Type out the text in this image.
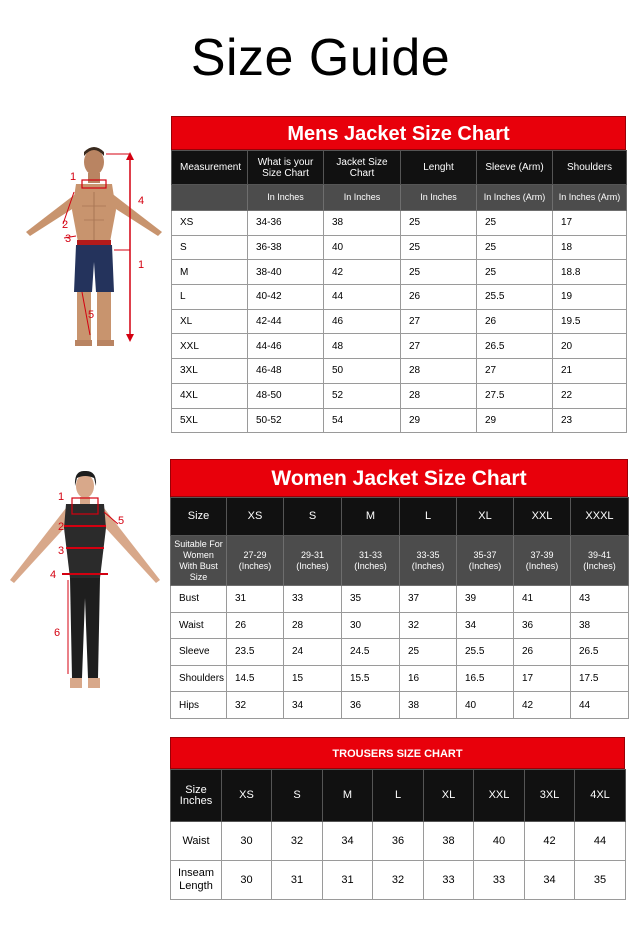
Size Guide
1
2
3
4
1
5
Mens Jacket Size Chart
Measurement	What is your Size Chart	Jacket Size Chart	Lenght	Sleeve (Arm)	Shoulders
	In Inches	In Inches	In Inches	In Inches (Arm)	In Inches (Arm)
XS	34-36	38	25	25	17
S	36-38	40	25	25	18
M	38-40	42	25	25	18.8
L	40-42	44	26	25.5	19
XL	42-44	46	27	26	19.5
XXL	44-46	48	27	26.5	20
3XL	46-48	50	28	27	21
4XL	48-50	52	28	27.5	22
5XL	50-52	54	29	29	23
1
2
3
4
5
6
Women Jacket Size Chart
Size	XS	S	M	L	XL	XXL	XXXL
Suitable For Women With Bust Size	27-29 (Inches)	29-31 (Inches)	31-33 (Inches)	33-35 (Inches)	35-37 (Inches)	37-39 (Inches)	39-41 (Inches)
Bust	31	33	35	37	39	41	43
Waist	26	28	30	32	34	36	38
Sleeve	23.5	24	24.5	25	25.5	26	26.5
Shoulders	14.5	15	15.5	16	16.5	17	17.5
Hips	32	34	36	38	40	42	44
TROUSERS SIZE CHART
Size Inches	XS	S	M	L	XL	XXL	3XL	4XL
Waist	30	32	34	36	38	40	42	44
Inseam Length	30	31	31	32	33	33	34	35
